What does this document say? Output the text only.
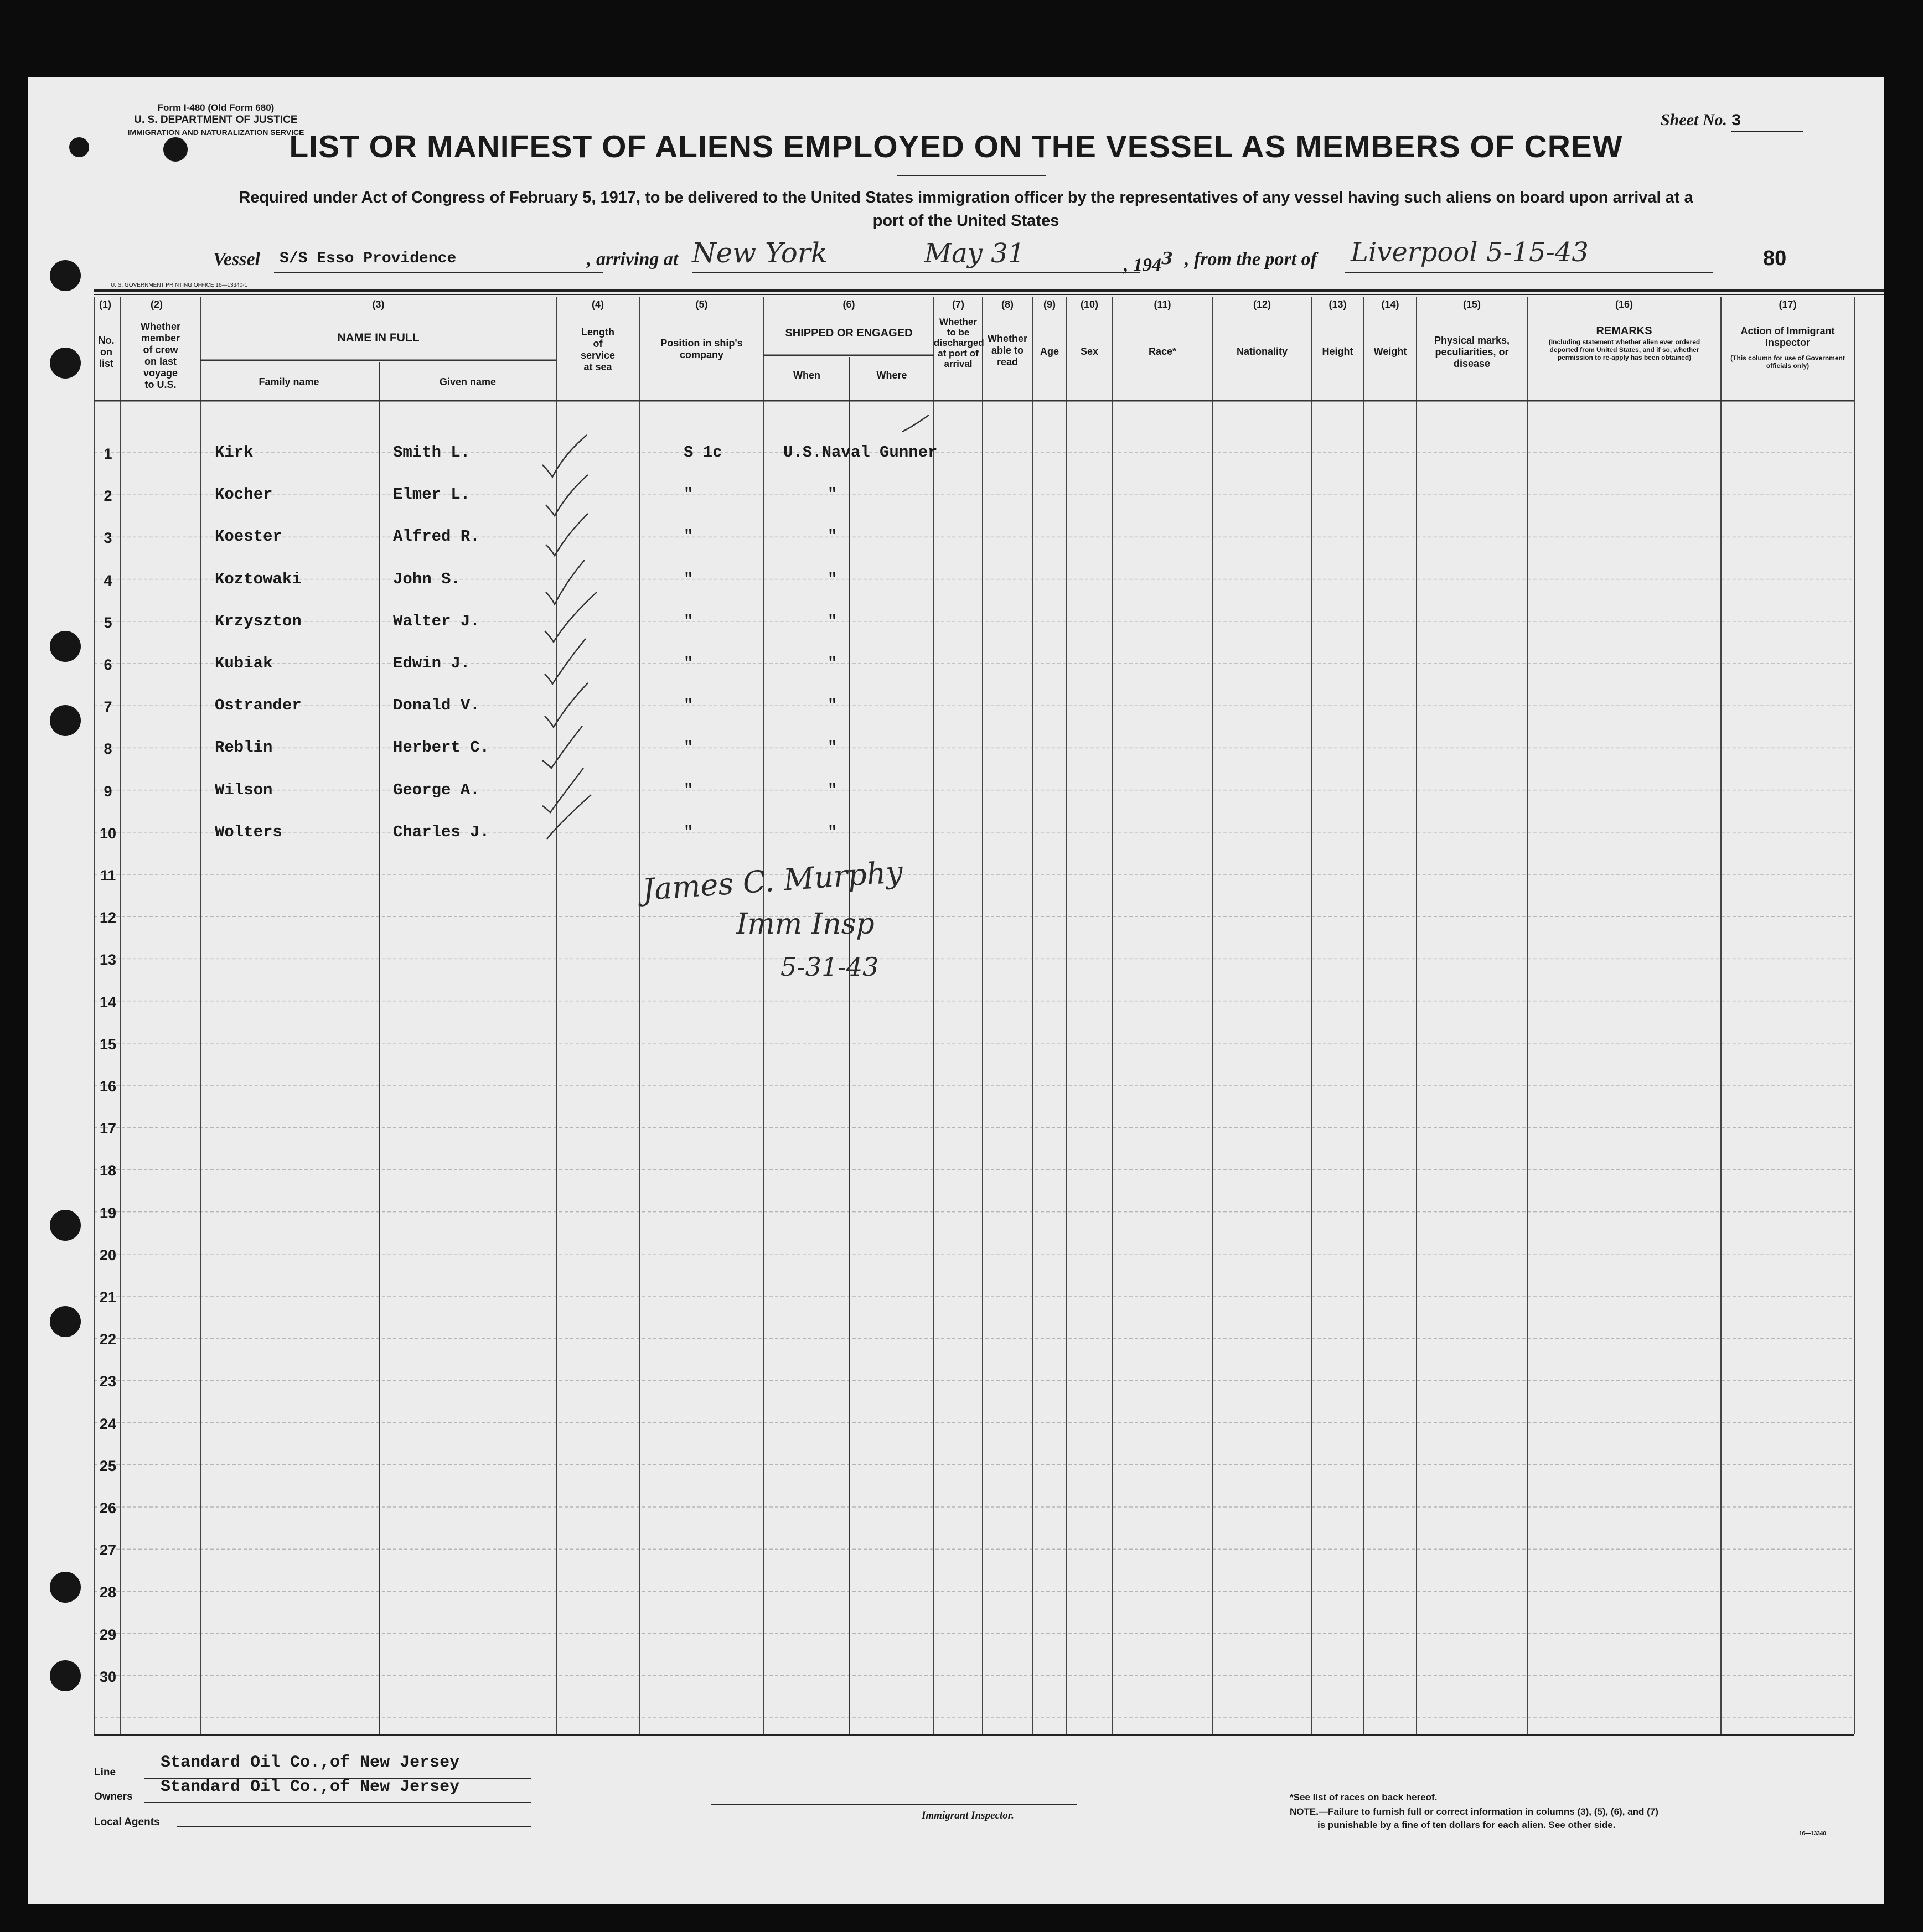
Form I-480 (Old Form 680)
U. S. DEPARTMENT OF JUSTICE
IMMIGRATION AND NATURALIZATION SERVICE
Sheet No. 3
LIST OR MANIFEST OF ALIENS EMPLOYED ON THE VESSEL AS MEMBERS OF CREW
Required under Act of Congress of February 5, 1917, to be delivered to the United States immigration officer by the representatives of any vessel having such aliens on board upon arrival at a
port of the United States
Vessel S/S Esso Providence	, arriving at New York	May 31	, $194^3$ , from the port of Liverpool 5-15-43	80
U. S. GOVERNMENT PRINTING OFFICE 16—13340-1
(1)
No. on list
(2)
Whether member of crew on last voyage to U.S.
(3)
NAME IN FULL
Family name	Given name
(4)
Length of service at sea
(5)
Position in ship's company
(6)
SHIPPED OR ENGAGED
When	Where
(7)
Whether to be discharged at port of arrival
(8)
Whether able to read
(9)
Age
(10)
Sex
(11)
Race*
(12)
Nationality
(13)
Height
(14)
Weight
(15)
Physical marks, peculiarities, or disease
(16)
REMARKS
(Including statement whether alien ever ordered deported from United States, and if so, whether permission to re-apply has been obtained)
(17)
Action of Immigrant Inspector
(This column for use of Government officials only)
1	Kirk	Smith L.	S 1c	U.S.Naval Gunner
2	Kocher	Elmer L.	"	"
3	Koester	Alfred R.	"	"
4	Koztowaki	John S.	"	"
5	Krzyszton	Walter J.	"	"
6	Kubiak	Edwin J.	"	"
7	Ostrander	Donald V.	"	"
8	Reblin	Herbert C.	"	"
9	Wilson	George A.	"	"
10	Wolters	Charles J.	"	"
11
12
13
14
15
16
17
18
19
20
21
22
23
24
25
26
27
28
29
30
James C. Murphy
Imm Insp
5-31-43
Line
Standard Oil Co.,of New Jersey
Owners
Standard Oil Co.,of New Jersey
Local Agents
Immigrant Inspector.
*See list of races on back hereof.
NOTE.—Failure to furnish full or correct information in columns (3), (5), (6), and (7)
is punishable by a fine of ten dollars for each alien. See other side.
16—13340
